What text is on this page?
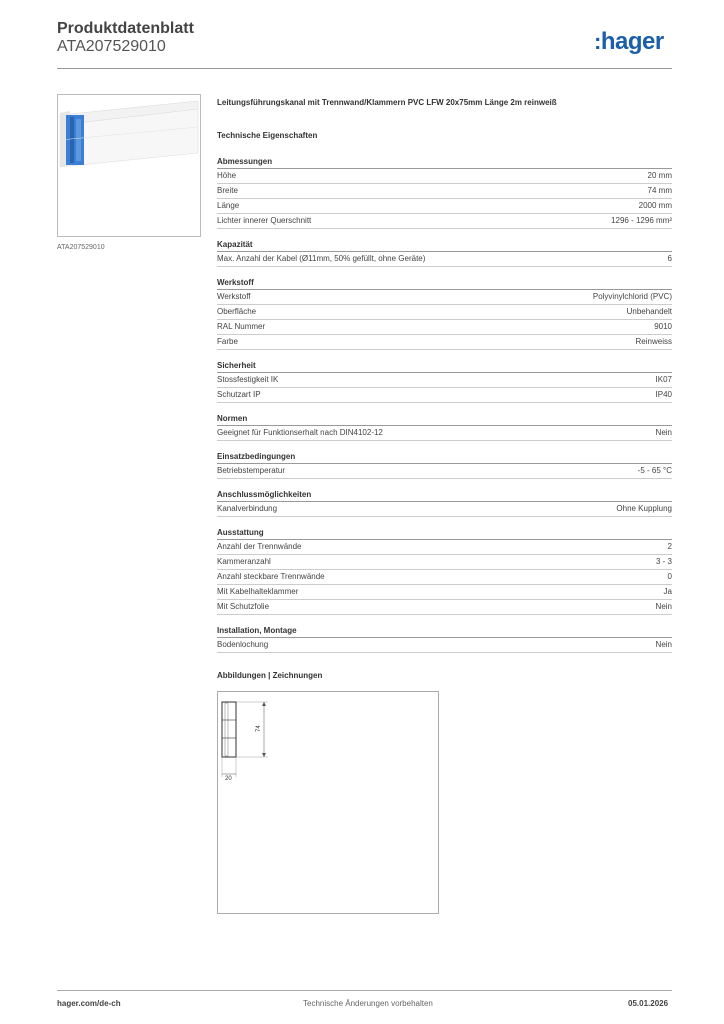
Produktdatenblatt
ATA207529010	:hager
ATA207529010
Leitungsführungskanal mit Trennwand/Klammern PVC LFW 20x75mm Länge 2m reinweiß
Technische Eigenschaften
Abmessungen
Höhe	20 mm
Breite	74 mm
Länge	2000 mm
Lichter innerer Querschnitt	1296 - 1296 mm²
Kapazität
Max. Anzahl der Kabel (Ø11mm, 50% gefüllt, ohne Geräte)	6
Werkstoff
Werkstoff	Polyvinylchlorid (PVC)
Oberfläche	Unbehandelt
RAL Nummer	9010
Farbe	Reinweiss
Sicherheit
Stossfestigkeit IK	IK07
Schutzart IP	IP40
Normen
Geeignet für Funktionserhalt nach DIN4102-12	Nein
Einsatzbedingungen
Betriebstemperatur	-5 - 65 °C
Anschlussmöglichkeiten
Kanalverbindung	Ohne Kupplung
Ausstattung
Anzahl der Trennwände	2
Kammeranzahl	3 - 3
Anzahl steckbare Trennwände	0
Mit Kabelhalteklammer	Ja
Mit Schutzfolie	Nein
Installation, Montage
Bodenlochung	Nein
Abbildungen | Zeichnungen
74
20
hager.com/de-ch	Technische Änderungen vorbehalten	05.01.2026
